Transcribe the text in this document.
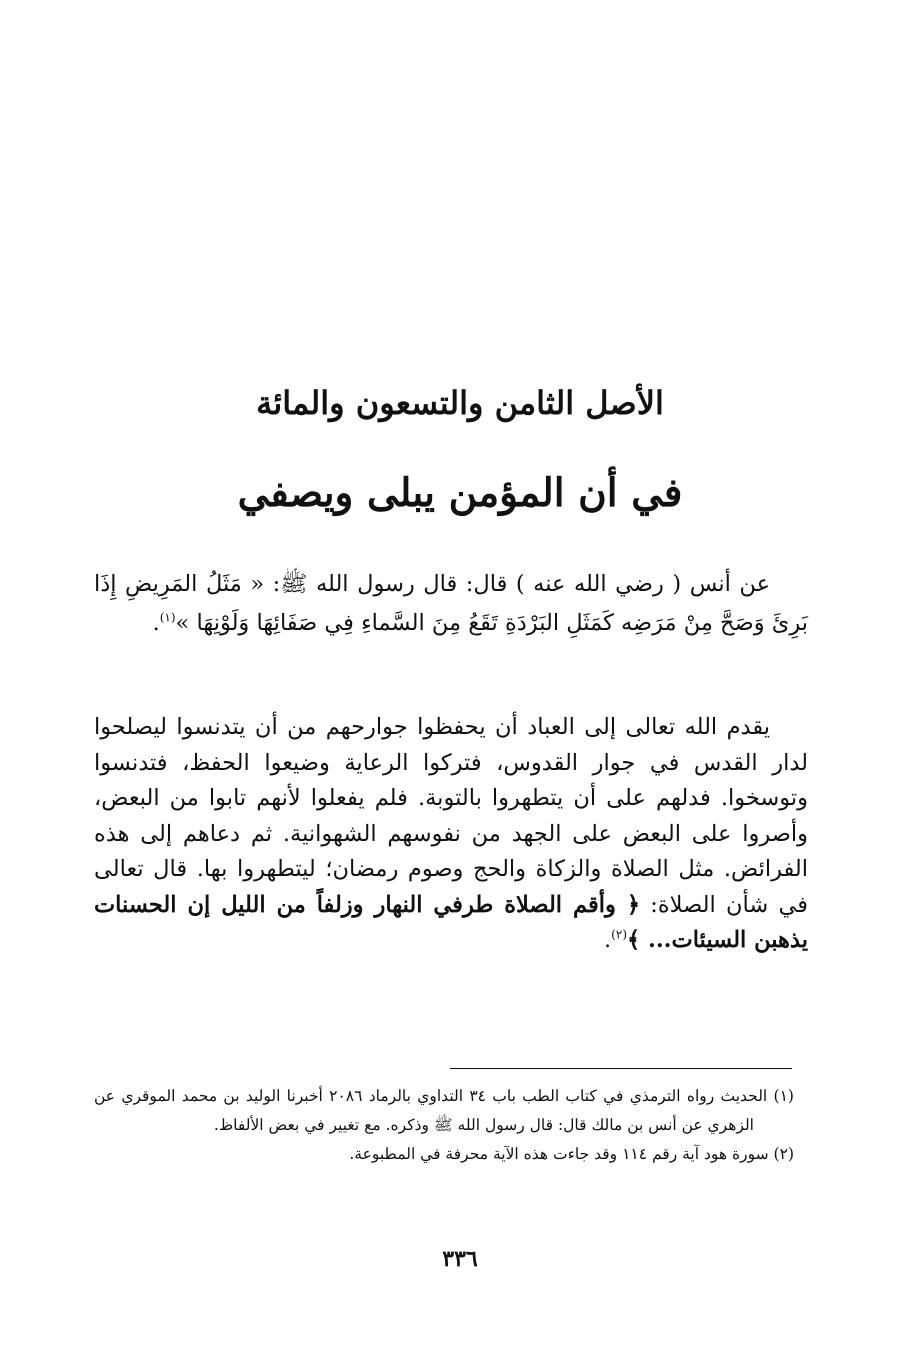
الأصل الثامن والتسعون والمائة
في أن المؤمن يبلى ويصفي

عن أنس ( رضي الله عنه ) قال: قال رسول الله ﷺ: « مَثَلُ المَرِيضِ إِذَا بَرِئَ وَصَحَّ مِنْ مَرَضِه كَمَثَلِ البَرْدَةِ تَقَعُ مِنَ السَّماءِ فِي صَفَائِهَا وَلَوْنِهَا »$^{(١)}$.

يقدم الله تعالى إلى العباد أن يحفظوا جوارحهم من أن يتدنسوا ليصلحوا لدار القدس في جوار القدوس، فتركوا الرعاية وضيعوا الحفظ، فتدنسوا وتوسخوا. فدلهم على أن يتطهروا بالتوبة. فلم يفعلوا لأنهم تابوا من البعض، وأصروا على البعض على الجهد من نفوسهم الشهوانية. ثم دعاهم إلى هذه الفرائض. مثل الصلاة والزكاة والحج وصوم رمضان؛ ليتطهروا بها. قال تعالى في شأن الصلاة: ﴿ وأقم الصلاة طرفي النهار وزلفاً من الليل إن الحسنات يذهبن السيئات... ﴾$^{(٢)}$.

(١) الحديث رواه الترمذي في كتاب الطب باب ٣٤ التداوي بالرماد ٢٠٨٦ أخبرنا الوليد بن محمد الموقري عن الزهري عن أنس بن مالك قال: قال رسول الله ﷺ وذكره. مع تغيير في بعض الألفاظ.
(٢) سورة هود آية رقم ١١٤ وقد جاءت هذه الآية محرفة في المطبوعة.
٣٣٦
